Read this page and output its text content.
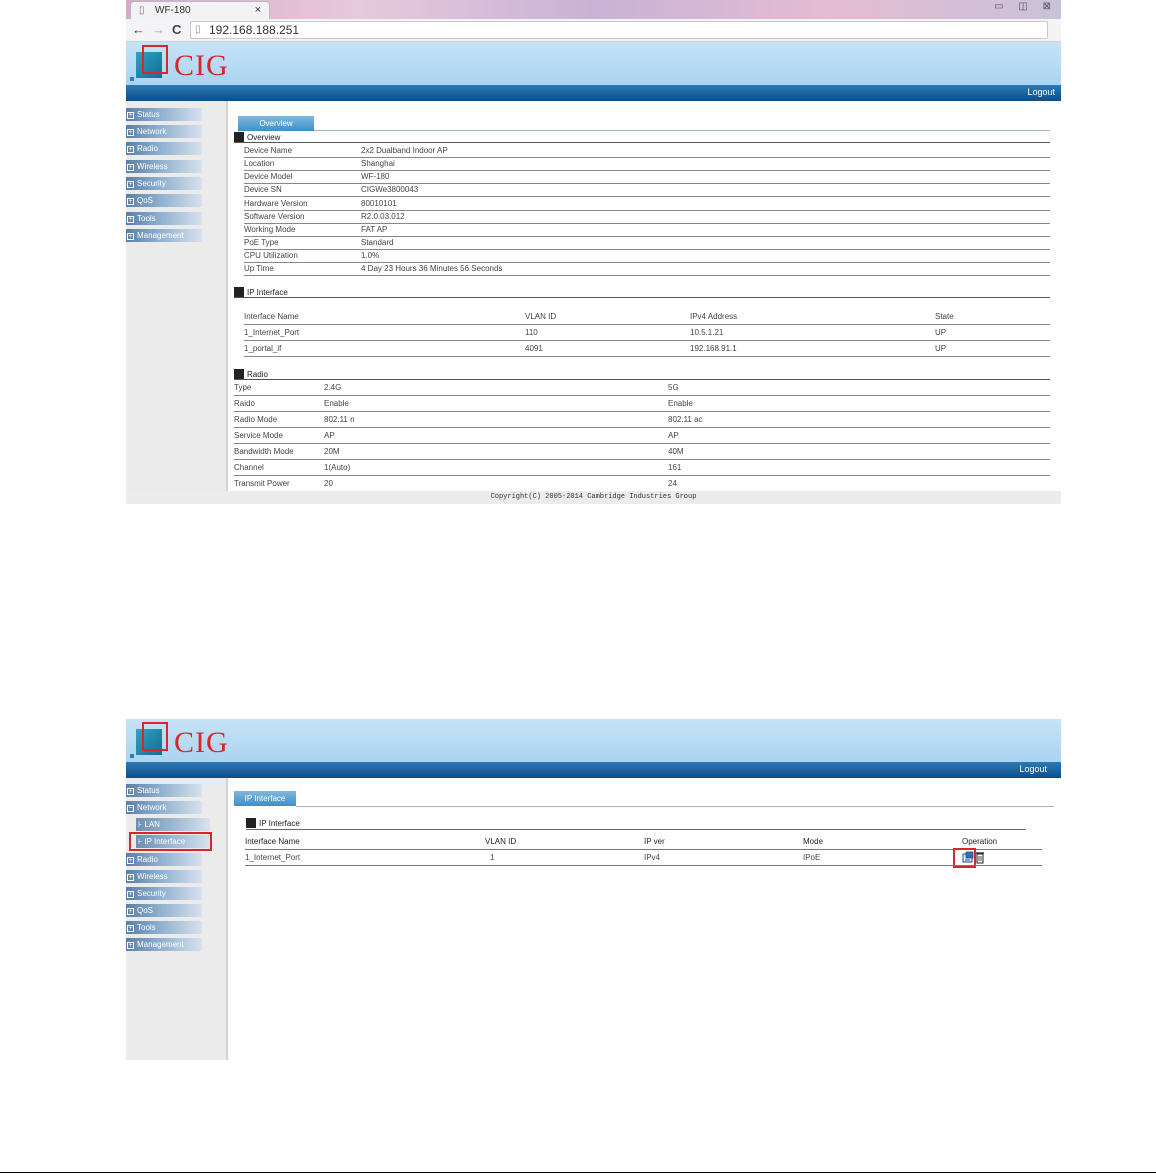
▯ WF-180	×	▭ ◫ ⊠
← → C ▯ 192.168.188.251
CIG
Logout
+ Status
+ Network
+ Radio
+ Wireless
+ Security
+ QoS
+ Tools
+ Management
Overview
Overview
Device Name	2x2 Dualband Indoor AP
Location	Shanghai
Device Model	WF-180
Device SN	CIGWe3800043
Hardware Version	80010101
Software Version	R2.0.03.012
Working Mode	FAT AP
PoE Type	Standard
CPU Utilization	1.0%
Up Time	4 Day 23 Hours 36 Minutes 56 Seconds
IP Interface
Interface Name	VLAN ID	IPv4 Address	State
1_Internet_Port	110	10.5.1.21	UP
1_portal_if	4091	192.168.91.1	UP
Radio
Type	2.4G	5G
Raido	Enable	Enable
Radio Mode	802.11 n	802.11 ac
Service Mode	AP	AP
Bandwidth Mode	20M	40M
Channel	1(Auto)	161
Transmit Power	20	24
Copyright(C) 2005-2014 Cambridge Industries Group
CIG
Logout
+ Status
− Network
⊦ LAN
⊦ IP Interface
+ Radio
+ Wireless
+ Security
+ QoS
+ Tools
+ Management
IP Interface
IP Interface
Interface Name	VLAN ID	IP ver	Mode	Operation
1_Internet_Port	1	IPv4	IPoE
